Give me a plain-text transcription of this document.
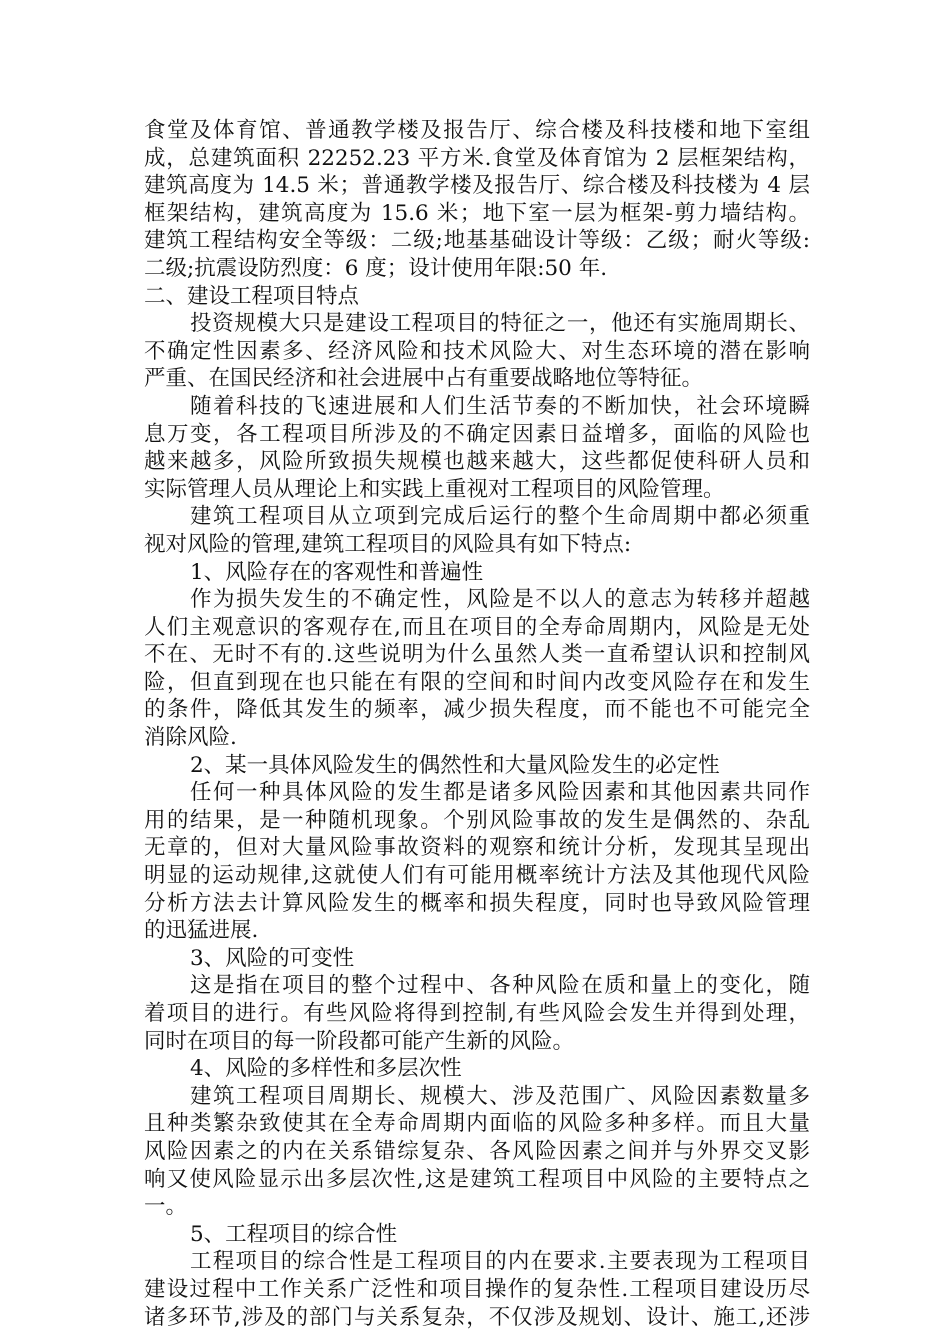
食堂及体育馆、普通教学楼及报告厅、综合楼及科技楼和地下室组
成，总建筑面积 22252.23 平方米.食堂及体育馆为 2 层框架结构，
建筑高度为 14.5 米；普通教学楼及报告厅、综合楼及科技楼为 4 层
框架结构，建筑高度为 15.6 米；地下室一层为框架-剪力墙结构。
建筑工程结构安全等级：二级;地基基础设计等级：乙级；耐火等级:
二级;抗震设防烈度：6 度；设计使用年限:50 年.
二、建设工程项目特点
投资规模大只是建设工程项目的特征之一，他还有实施周期长、
不确定性因素多、经济风险和技术风险大、对生态环境的潜在影响
严重、在国民经济和社会进展中占有重要战略地位等特征。
随着科技的飞速进展和人们生活节奏的不断加快，社会环境瞬
息万变，各工程项目所涉及的不确定因素日益增多，面临的风险也
越来越多，风险所致损失规模也越来越大，这些都促使科研人员和
实际管理人员从理论上和实践上重视对工程项目的风险管理。
建筑工程项目从立项到完成后运行的整个生命周期中都必须重
视对风险的管理,建筑工程项目的风险具有如下特点:
1、风险存在的客观性和普遍性
作为损失发生的不确定性，风险是不以人的意志为转移并超越
人们主观意识的客观存在,而且在项目的全寿命周期内，风险是无处
不在、无时不有的.这些说明为什么虽然人类一直希望认识和控制风
险，但直到现在也只能在有限的空间和时间内改变风险存在和发生
的条件，降低其发生的频率，减少损失程度，而不能也不可能完全
消除风险.
2、某一具体风险发生的偶然性和大量风险发生的必定性
任何一种具体风险的发生都是诸多风险因素和其他因素共同作
用的结果，是一种随机现象。个别风险事故的发生是偶然的、杂乱
无章的，但对大量风险事故资料的观察和统计分析，发现其呈现出
明显的运动规律,这就使人们有可能用概率统计方法及其他现代风险
分析方法去计算风险发生的概率和损失程度，同时也导致风险管理
的迅猛进展.
3、风险的可变性
这是指在项目的整个过程中、各种风险在质和量上的变化，随
着项目的进行。有些风险将得到控制,有些风险会发生并得到处理，
同时在项目的每一阶段都可能产生新的风险。
4、风险的多样性和多层次性
建筑工程项目周期长、规模大、涉及范围广、风险因素数量多
且种类繁杂致使其在全寿命周期内面临的风险多种多样。而且大量
风险因素之的内在关系错综复杂、各风险因素之间并与外界交叉影
响又使风险显示出多层次性,这是建筑工程项目中风险的主要特点之
一。
5、工程项目的综合性
工程项目的综合性是工程项目的内在要求.主要表现为工程项目
建设过程中工作关系广泛性和项目操作的复杂性.工程项目建设历尽
诸多环节,涉及的部门与关系复杂，不仅涉及规划、设计、施工,还涉
